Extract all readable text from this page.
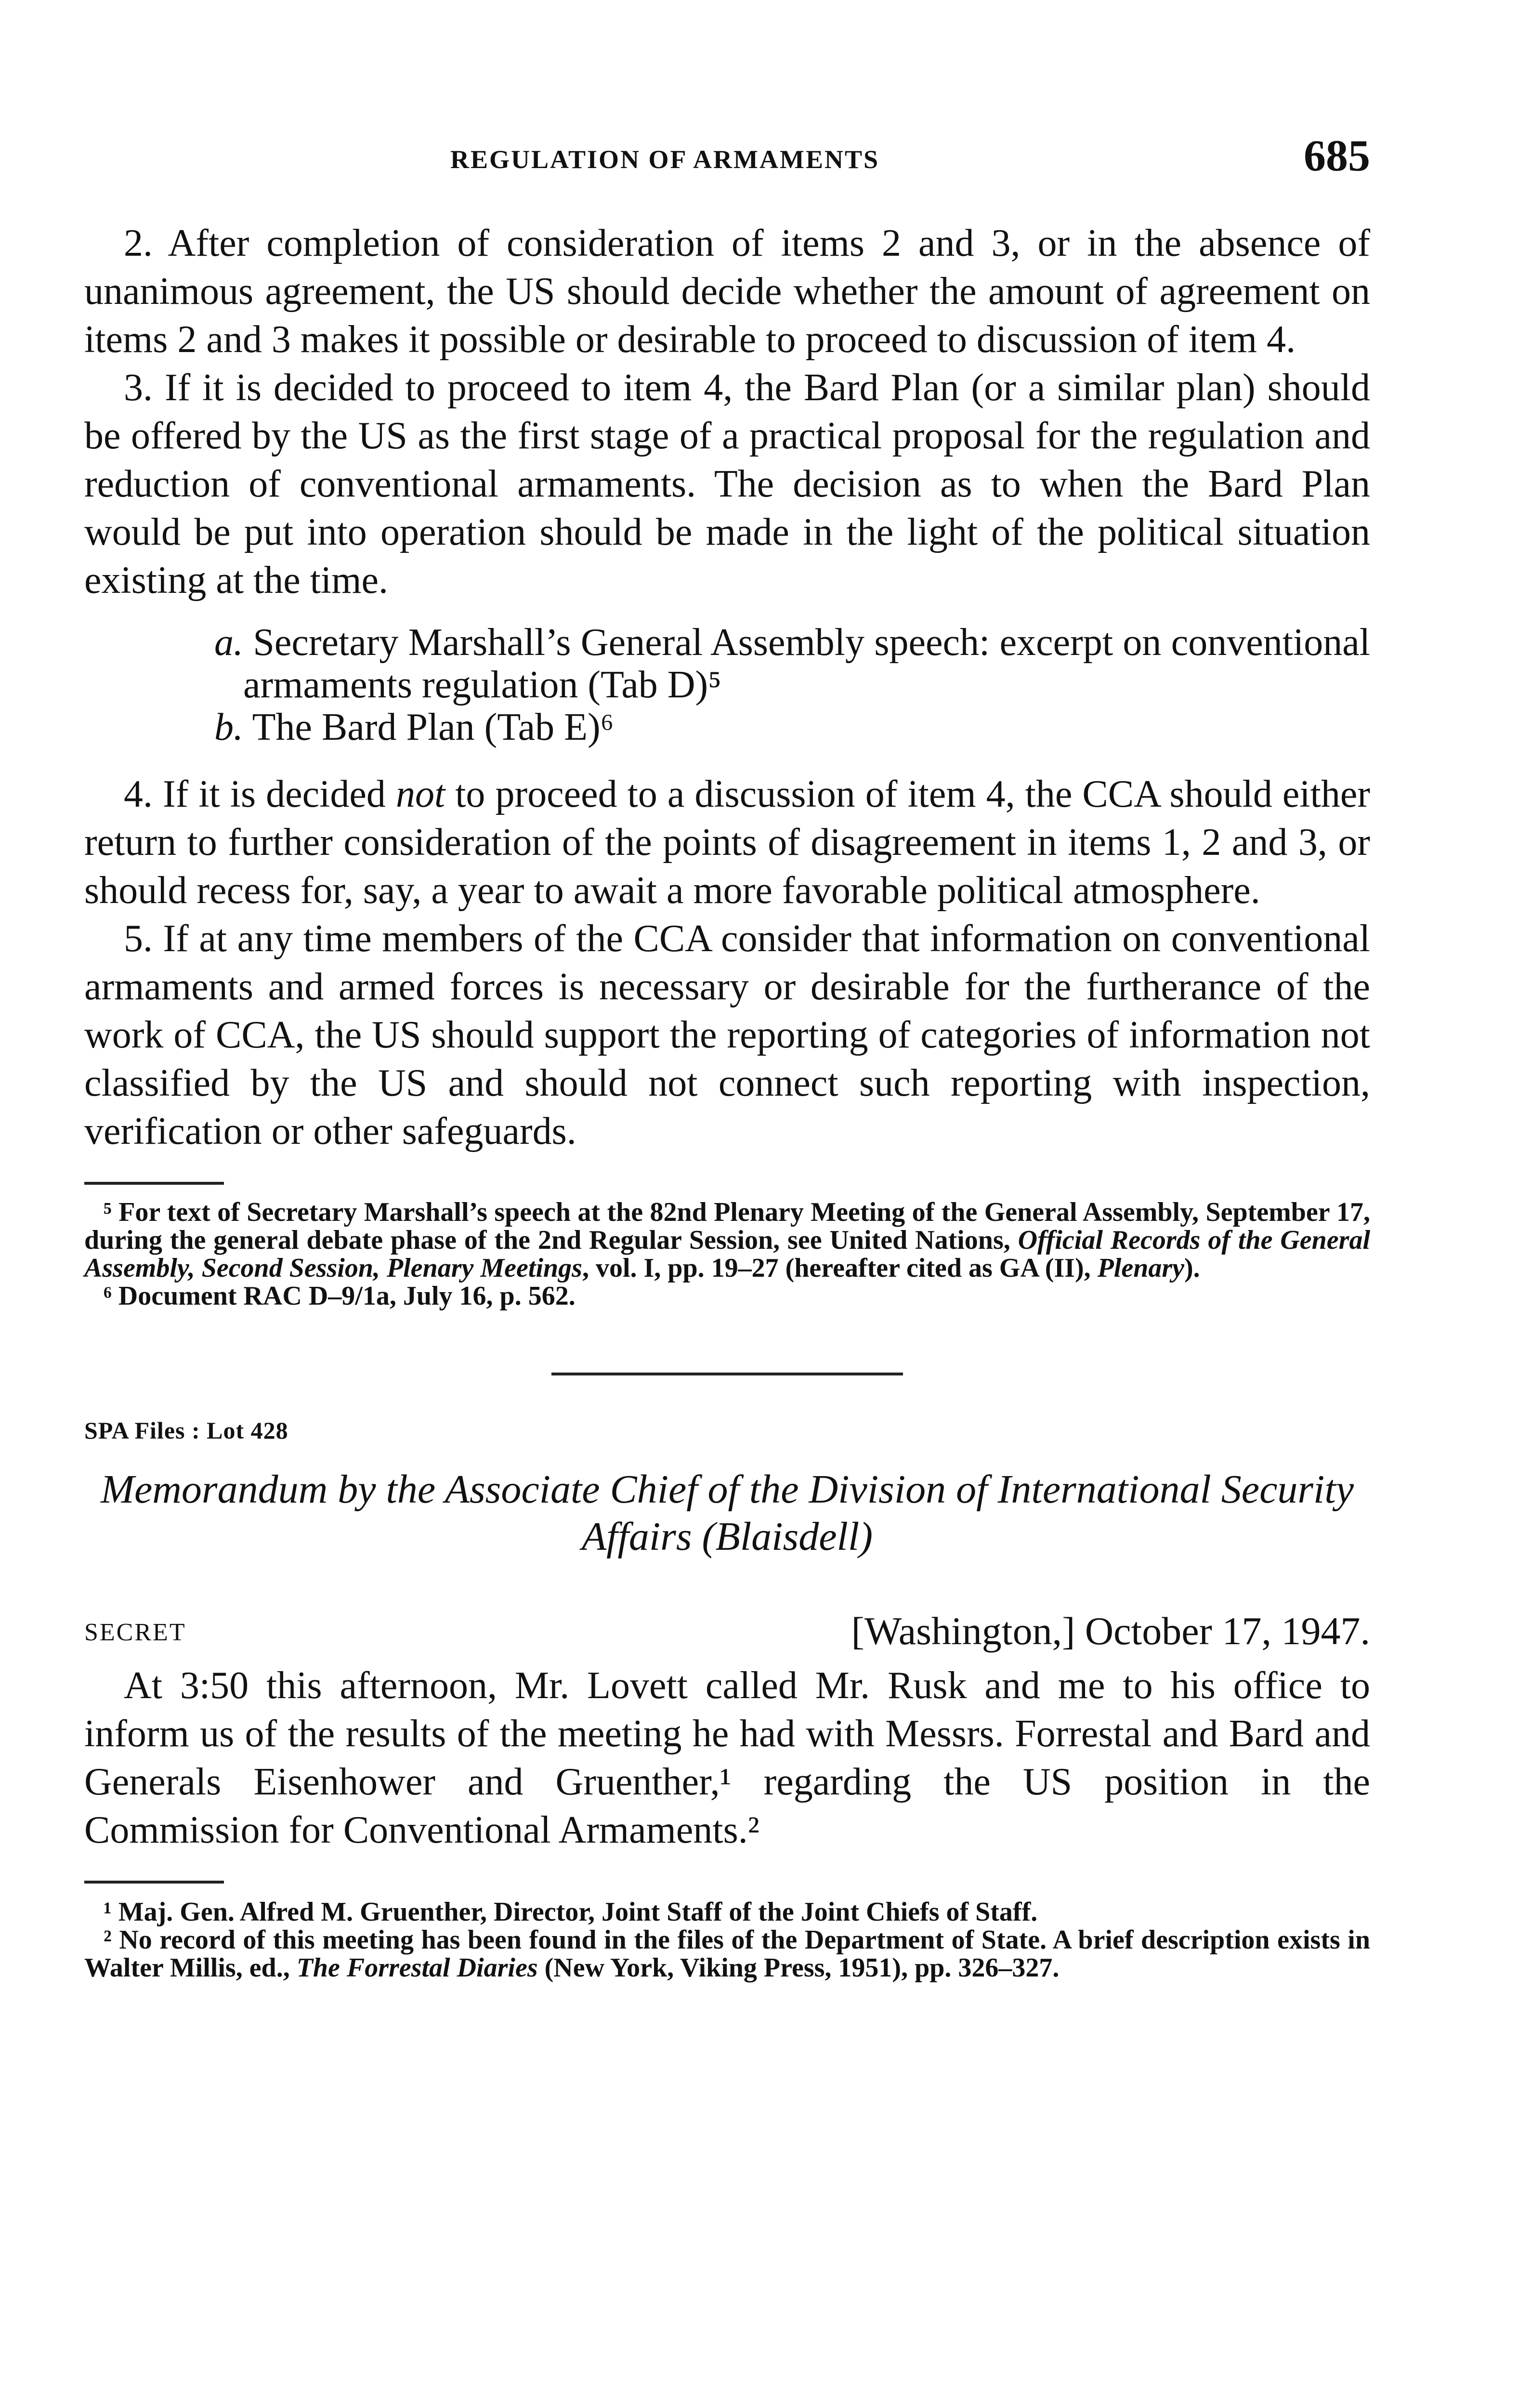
REGULATION OF ARMAMENTS	685

2. After completion of consideration of items 2 and 3, or in the absence of unanimous agreement, the US should decide whether the amount of agreement on items 2 and 3 makes it possible or desirable to proceed to discussion of item 4.

3. If it is decided to proceed to item 4, the Bard Plan (or a similar plan) should be offered by the US as the first stage of a practical proposal for the regulation and reduction of conventional armaments. The decision as to when the Bard Plan would be put into operation should be made in the light of the political situation existing at the time.

a. Secretary Marshall’s General Assembly speech: excerpt on conventional armaments regulation (Tab D)⁵
b. The Bard Plan (Tab E)⁶

4. If it is decided not to proceed to a discussion of item 4, the CCA should either return to further consideration of the points of disagreement in items 1, 2 and 3, or should recess for, say, a year to await a more favorable political atmosphere.

5. If at any time members of the CCA consider that information on conventional armaments and armed forces is necessary or desirable for the furtherance of the work of CCA, the US should support the reporting of categories of information not classified by the US and should not connect such reporting with inspection, verification or other safeguards.

⁵ For text of Secretary Marshall’s speech at the 82nd Plenary Meeting of the General Assembly, September 17, during the general debate phase of the 2nd Regular Session, see United Nations, Official Records of the General Assembly, Second Session, Plenary Meetings, vol. I, pp. 19–27 (hereafter cited as GA (II), Plenary).

⁶ Document RAC D–9/1a, July 16, p. 562.

SPA Files : Lot 428
Memorandum by the Associate Chief of the Division of International Security Affairs (Blaisdell)
SECRET	[Washington,] October 17, 1947.

At 3:50 this afternoon, Mr. Lovett called Mr. Rusk and me to his office to inform us of the results of the meeting he had with Messrs. Forrestal and Bard and Generals Eisenhower and Gruenther,¹ regarding the US position in the Commission for Conventional Armaments.²

¹ Maj. Gen. Alfred M. Gruenther, Director, Joint Staff of the Joint Chiefs of Staff.

² No record of this meeting has been found in the files of the Department of State. A brief description exists in Walter Millis, ed., The Forrestal Diaries (New York, Viking Press, 1951), pp. 326–327.
